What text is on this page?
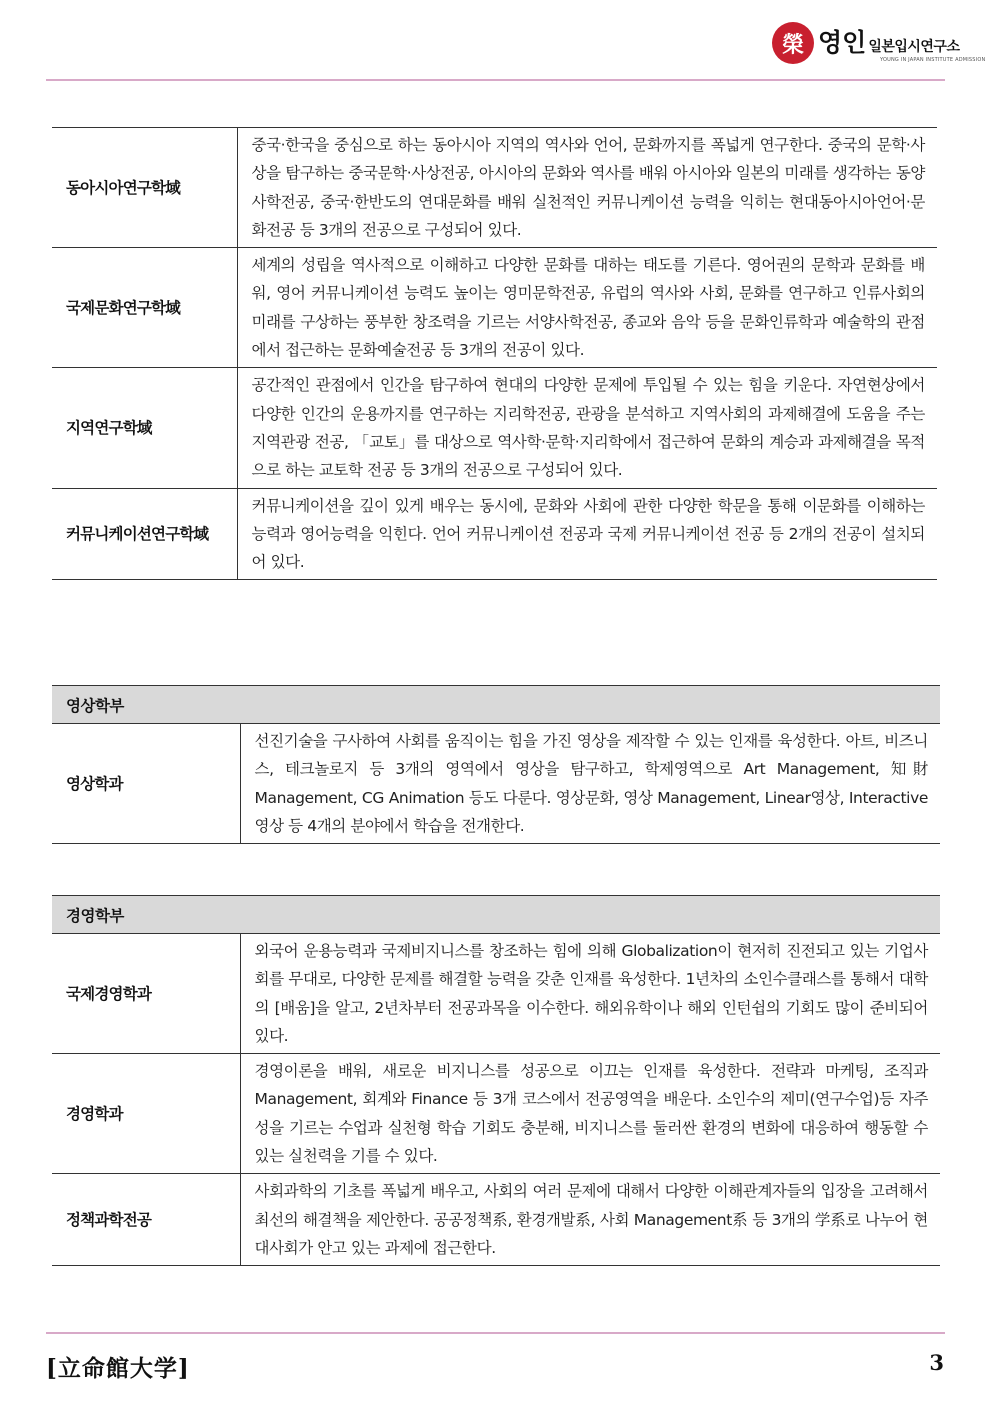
榮 영인 일본입시연구소
YOUNG IN JAPAN INSTITUTE ADMISSION
동아시아연구학域	중국·한국을 중심으로 하는 동아시아 지역의 역사와 언어, 문화까지를 폭넓게 연구한다. 중국의 문학·사상을 탐구하는 중국문학·사상전공, 아시아의 문화와 역사를 배워 아시아와 일본의 미래를 생각하는 동양사학전공, 중국·한반도의 연대문화를 배워 실천적인 커뮤니케이션 능력을 익히는 현대동아시아언어·문화전공 등 3개의 전공으로 구성되어 있다.
국제문화연구학域	세계의 성립을 역사적으로 이해하고 다양한 문화를 대하는 태도를 기른다. 영어권의 문학과 문화를 배워, 영어 커뮤니케이션 능력도 높이는 영미문학전공, 유럽의 역사와 사회, 문화를 연구하고 인류사회의 미래를 구상하는 풍부한 창조력을 기르는 서양사학전공, 종교와 음악 등을 문화인류학과 예술학의 관점에서 접근하는 문화예술전공 등 3개의 전공이 있다.
지역연구학域	공간적인 관점에서 인간을 탐구하여 현대의 다양한 문제에 투입될 수 있는 힘을 키운다. 자연현상에서 다양한 인간의 운용까지를 연구하는 지리학전공, 관광을 분석하고 지역사회의 과제해결에 도움을 주는 지역관광 전공, 「교토」를 대상으로 역사학·문학·지리학에서 접근하여 문화의 계승과 과제해결을 목적으로 하는 교토학 전공 등 3개의 전공으로 구성되어 있다.
커뮤니케이션연구학域	커뮤니케이션을 깊이 있게 배우는 동시에, 문화와 사회에 관한 다양한 학문을 통해 이문화를 이해하는 능력과 영어능력을 익힌다. 언어 커뮤니케이션 전공과 국제 커뮤니케이션 전공 등 2개의 전공이 설치되어 있다.
영상학부
영상학과	선진기술을 구사하여 사회를 움직이는 힘을 가진 영상을 제작할 수 있는 인재를 육성한다. 아트, 비즈니스, 테크놀로지 등 3개의 영역에서 영상을 탐구하고, 학제영역으로 Art Management, 知財Management, CG Animation 등도 다룬다. 영상문화, 영상 Management, Linear영상, Interactive 영상 등 4개의 분야에서 학습을 전개한다.
경영학부	
국제경영학과	외국어 운용능력과 국제비지니스를 창조하는 힘에 의해 Globalization이 현저히 진전되고 있는 기업사회를 무대로, 다양한 문제를 해결할 능력을 갖춘 인재를 육성한다. 1년차의 소인수클래스를 통해서 대학의 [배움]을 알고, 2년차부터 전공과목을 이수한다. 해외유학이나 해외 인턴쉽의 기회도 많이 준비되어 있다.
경영학과	경영이론을 배워, 새로운 비지니스를 성공으로 이끄는 인재를 육성한다. 전략과 마케팅, 조직과 Management, 회계와 Finance 등 3개 코스에서 전공영역을 배운다. 소인수의 제미(연구수업)등 자주성을 기르는 수업과 실천형 학습 기회도 충분해, 비지니스를 둘러싼 환경의 변화에 대응하여 행동할 수 있는 실천력을 기를 수 있다.
정책과학전공	사회과학의 기초를 폭넓게 배우고, 사회의 여러 문제에 대해서 다양한 이해관계자들의 입장을 고려해서 최선의 해결책을 제안한다. 공공정책系, 환경개발系, 사회 Management系 등 3개의 学系로 나누어 현대사회가 안고 있는 과제에 접근한다.
[立命館大学]	3
